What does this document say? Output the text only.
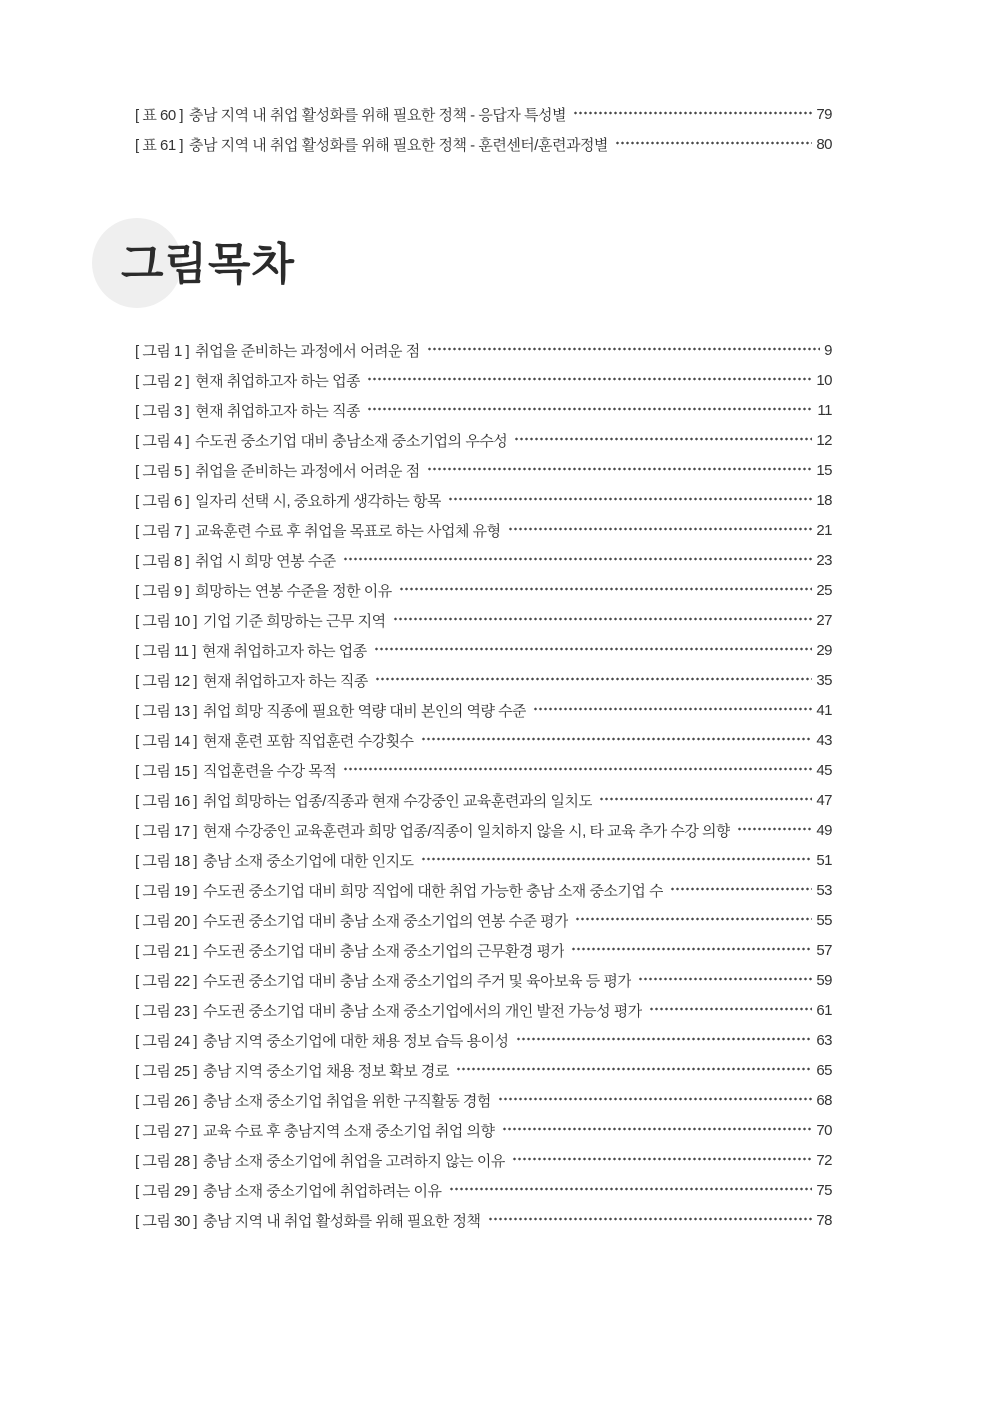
[ 표 60 ] 충남 지역 내 취업 활성화를 위해 필요한 정책 - 응답자 특성별	79
[ 표 61 ] 충남 지역 내 취업 활성화를 위해 필요한 정책 - 훈련센터/훈련과정별	80
그림목차
[ 그림 1 ] 취업을 준비하는 과정에서 어려운 점	9
[ 그림 2 ] 현재 취업하고자 하는 업종	10
[ 그림 3 ] 현재 취업하고자 하는 직종	11
[ 그림 4 ] 수도권 중소기업 대비 충남소재 중소기업의 우수성	12
[ 그림 5 ] 취업을 준비하는 과정에서 어려운 점	15
[ 그림 6 ] 일자리 선택 시, 중요하게 생각하는 항목	18
[ 그림 7 ] 교육훈련 수료 후 취업을 목표로 하는 사업체 유형	21
[ 그림 8 ] 취업 시 희망 연봉 수준	23
[ 그림 9 ] 희망하는 연봉 수준을 정한 이유	25
[ 그림 10 ] 기업 기준 희망하는 근무 지역	27
[ 그림 11 ] 현재 취업하고자 하는 업종	29
[ 그림 12 ] 현재 취업하고자 하는 직종	35
[ 그림 13 ] 취업 희망 직종에 필요한 역량 대비 본인의 역량 수준	41
[ 그림 14 ] 현재 훈련 포함 직업훈련 수강횟수	43
[ 그림 15 ] 직업훈련을 수강 목적	45
[ 그림 16 ] 취업 희망하는 업종/직종과 현재 수강중인 교육훈련과의 일치도	47
[ 그림 17 ] 현재 수강중인 교육훈련과 희망 업종/직종이 일치하지 않을 시, 타 교육 추가 수강 의향	49
[ 그림 18 ] 충남 소재 중소기업에 대한 인지도	51
[ 그림 19 ] 수도권 중소기업 대비 희망 직업에 대한 취업 가능한 충남 소재 중소기업 수	53
[ 그림 20 ] 수도권 중소기업 대비 충남 소재 중소기업의 연봉 수준 평가	55
[ 그림 21 ] 수도권 중소기업 대비 충남 소재 중소기업의 근무환경 평가	57
[ 그림 22 ] 수도권 중소기업 대비 충남 소재 중소기업의 주거 및 육아보육 등 평가	59
[ 그림 23 ] 수도권 중소기업 대비 충남 소재 중소기업에서의 개인 발전 가능성 평가	61
[ 그림 24 ] 충남 지역 중소기업에 대한 채용 정보 습득 용이성	63
[ 그림 25 ] 충남 지역 중소기업 채용 정보 확보 경로	65
[ 그림 26 ] 충남 소재 중소기업 취업을 위한 구직활동 경험	68
[ 그림 27 ] 교육 수료 후 충남지역 소재 중소기업 취업 의향	70
[ 그림 28 ] 충남 소재 중소기업에 취업을 고려하지 않는 이유	72
[ 그림 29 ] 충남 소재 중소기업에 취업하려는 이유	75
[ 그림 30 ] 충남 지역 내 취업 활성화를 위해 필요한 정책	78
